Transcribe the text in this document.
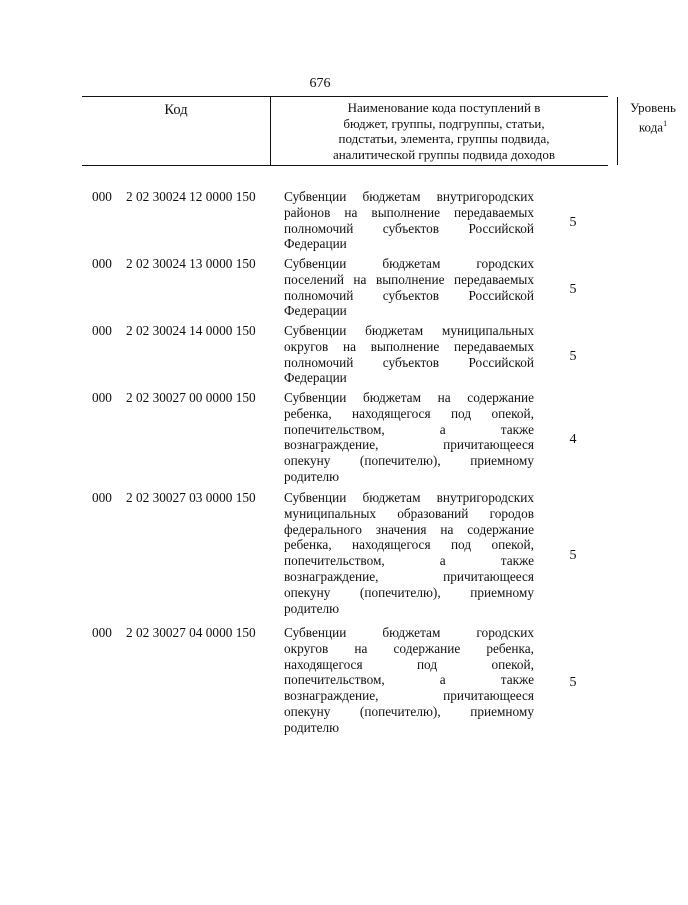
676
Код	Наименование кода поступлений в
бюджет, группы, подгруппы, статьи,
подстатьи, элемента, группы подвида,
аналитической группы подвида доходов
Уровень
кода$^1$
000 2 02 30024 12 0000 150 Субвенции бюджетам внутригородских
районов на выполнение передаваемых
полномочий субъектов Российской
Федерации
5
000 2 02 30024 13 0000 150 Субвенции бюджетам городских
поселений на выполнение передаваемых
полномочий субъектов Российской
Федерации
5
000 2 02 30024 14 0000 150 Субвенции бюджетам муниципальных
округов на выполнение передаваемых
полномочий субъектов Российской
Федерации
5
000 2 02 30027 00 0000 150 Субвенции бюджетам на содержание
ребенка, находящегося под опекой,
попечительством, а также
вознаграждение, причитающееся
опекуну (попечителю), приемному
родителю
4
000 2 02 30027 03 0000 150 Субвенции бюджетам внутригородских
муниципальных образований городов
федерального значения на содержание
ребенка, находящегося под опекой,
попечительством, а также
вознаграждение, причитающееся
опекуну (попечителю), приемному
родителю
5
000 2 02 30027 04 0000 150 Субвенции бюджетам городских
округов на содержание ребенка,
находящегося под опекой,
попечительством, а также
вознаграждение, причитающееся
опекуну (попечителю), приемному
родителю
5
